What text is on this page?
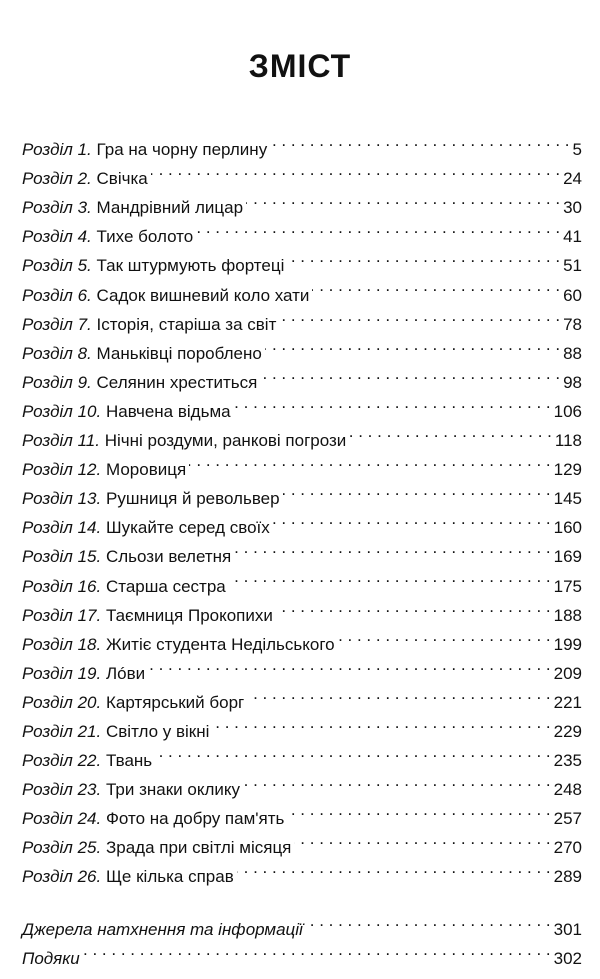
ЗМІСТ
Розділ 1. Гра на чорну перлину . . .	5
Розділ 2. Свічка . . .	24
Розділ 3. Мандрівний лицар . . .	30
Розділ 4. Тихе болото . . .	41
Розділ 5. Так штурмують фортеці . . .	51
Розділ 6. Садок вишневий коло хати . . .	60
Розділ 7. Історія, старіша за світ . . .	78
Розділ 8. Маньківці пороблено . . .	88
Розділ 9. Селянин хреститься . . .	98
Розділ 10. Навчена відьма . . .	106
Розділ 11. Нічні роздуми, ранкові погрози . . .	118
Розділ 12. Моровиця . . .	129
Розділ 13. Рушниця й револьвер . . .	145
Розділ 14. Шукайте серед своїх . . .	160
Розділ 15. Сльози велетня . . .	169
Розділ 16. Старша сестра . . .	175
Розділ 17. Таємниця Прокопихи . . .	188
Розділ 18. Житіє студента Недільського . . .	199
Розділ 19. Лóви . . .	209
Розділ 20. Картярський борг . . .	221
Розділ 21. Світло у вікні . . .	229
Розділ 22. Твань . . .	235
Розділ 23. Три знаки оклику . . .	248
Розділ 24. Фото на добру пам'ять . . .	257
Розділ 25. Зрада при світлі місяця . . .	270
Розділ 26. Ще кілька справ . . .	289
Джерела натхнення та інформації . . .	301
Подяки . . .	302
